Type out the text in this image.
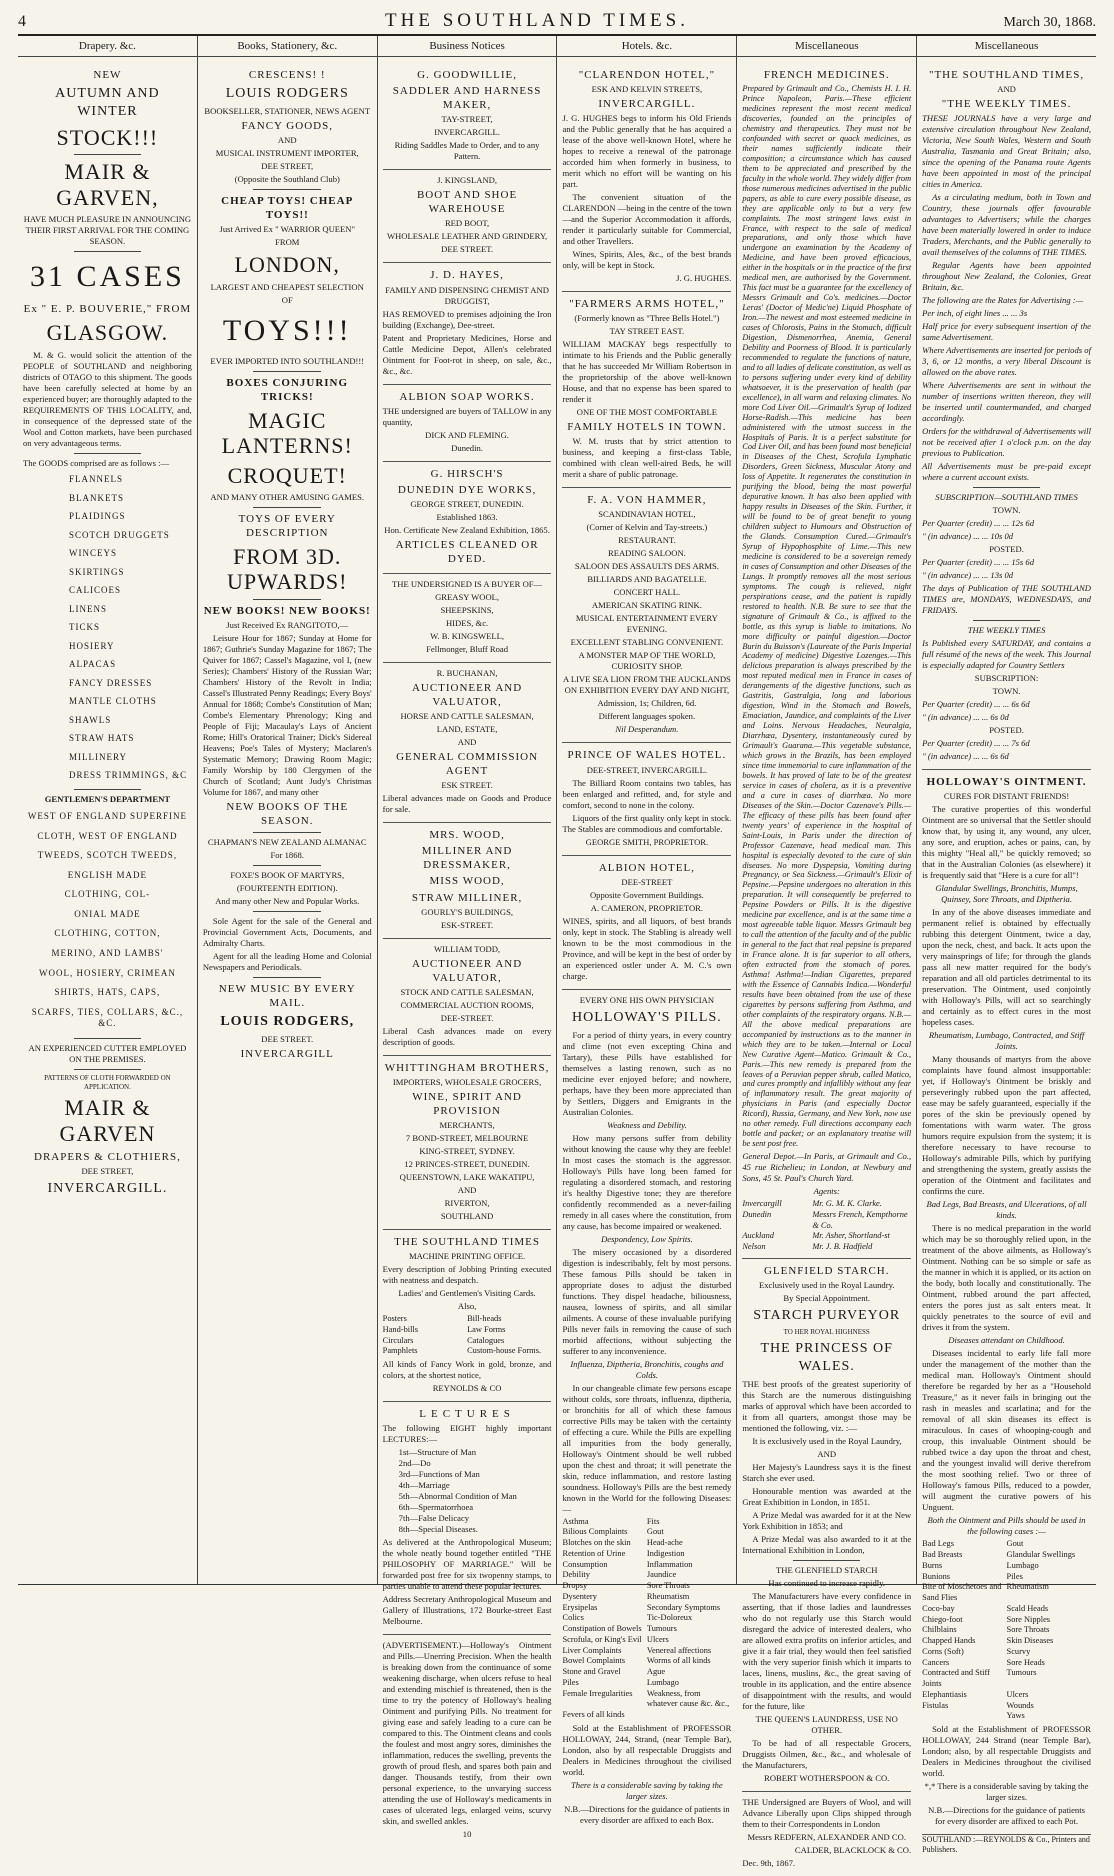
4	THE SOUTHLAND TIMES.	March 30, 1868.
Drapery. &c.
NEW
AUTUMN AND WINTER
STOCK!!!
MAIR & GARVEN,
HAVE MUCH PLEASURE IN ANNOUNCING THEIR FIRST ARRIVAL FOR THE COMING SEASON.
31 CASES
Ex " E. P. BOUVERIE," FROM
GLASGOW.

M. & G. would solicit the attention of the PEOPLE of SOUTHLAND and neighboring districts of OTAGO to this shipment. The goods have been carefully selected at home by an experienced buyer; are thoroughly adapted to the REQUIREMENTS OF THIS LOCALITY, and, in consequence of the depressed state of the Wool and Cotton markets, have been purchased on very advantageous terms.

The GOODS comprised are as follows :—
FLANNELS
BLANKETS
PLAIDINGS
SCOTCH DRUGGETS
WINCEYS
SKIRTINGS
CALICOES
LINENS
TICKS
HOSIERY
ALPACAS
FANCY DRESSES
MANTLE CLOTHS
SHAWLS
STRAW HATS
MILLINERY
DRESS TRIMMINGS, &C
GENTLEMEN'S DEPARTMENT
WEST OF ENGLAND SUPERFINE
CLOTH, WEST OF ENGLAND
TWEEDS, SCOTCH TWEEDS,
ENGLISH MADE
CLOTHING, COL-
ONIAL MADE
CLOTHING, COTTON,
MERINO, AND LAMBS'
WOOL, HOSIERY, CRIMEAN
SHIRTS, HATS, CAPS,
SCARFS, TIES, COLLARS, &C., &C.
AN EXPERIENCED CUTTER EMPLOYED ON THE PREMISES.
PATTERNS OF CLOTH FORWARDED ON APPLICATION.
MAIR & GARVEN
DRAPERS & CLOTHIERS,
DEE STREET,
INVERCARGILL.
Books, Stationery, &c.
CRESCENS! !
LOUIS RODGERS
BOOKSELLER, STATIONER, NEWS AGENT
FANCY GOODS,
AND
MUSICAL INSTRUMENT IMPORTER,
DEE STREET,
(Opposite the Southland Club)
CHEAP TOYS! CHEAP TOYS!!
Just Arrived Ex " WARRIOR QUEEN"
FROM
LONDON,
LARGEST AND CHEAPEST SELECTION
OF
TOYS!!!
EVER IMPORTED INTO SOUTHLAND!!!
BOXES CONJURING TRICKS!
MAGIC LANTERNS!
CROQUET!
AND MANY OTHER AMUSING GAMES.
TOYS OF EVERY DESCRIPTION
FROM 3D. UPWARDS!
NEW BOOKS! NEW BOOKS!
Just Received Ex RANGITOTO,—

Leisure Hour for 1867; Sunday at Home for 1867; Guthrie's Sunday Magazine for 1867; The Quiver for 1867; Cassel's Magazine, vol I, (new Series); Chambers' History of the Russian War; Chambers' History of the Revolt in India; Cassel's Illustrated Penny Readings; Every Boys' Annual for 1868; Combe's Constitution of Man; Combe's Elementary Phrenology; King and People of Fiji; Macaulay's Lays of Ancient Rome; Hill's Oratorical Trainer; Dick's Sidereal Heavens; Poe's Tales of Mystery; Maclaren's Systematic Memory; Drawing Room Magic; Family Worship by 180 Clergymen of the Church of Scotland; Aunt Judy's Christmas Volume for 1867, and many other

NEW BOOKS OF THE SEASON.
CHAPMAN'S NEW ZEALAND ALMANAC
For 1868.
FOXE'S BOOK OF MARTYRS,
(FOURTEENTH EDITION).
And many other New and Popular Works.

Sole Agent for the sale of the General and Provincial Government Acts, Documents, and Admiralty Charts.

Agent for all the leading Home and Colonial Newspapers and Periodicals.

NEW MUSIC BY EVERY MAIL.
LOUIS RODGERS,
DEE STREET.
INVERCARGILL
Business Notices
G. GOODWILLIE,
SADDLER AND HARNESS MAKER,
TAY-STREET,
INVERCARGILL.
Riding Saddles Made to Order, and to any Pattern.
J. KINGSLAND,
BOOT AND SHOE WAREHOUSE
RED BOOT,
WHOLESALE LEATHER AND GRINDERY,
DEE STREET.
J. D. HAYES,
FAMILY AND DISPENSING CHEMIST AND DRUGGIST,

HAS REMOVED to premises adjoining the Iron building (Exchange), Dee-street.

Patent and Proprietary Medicines, Horse and Cattle Medicine Depot, Allen's celebrated Ointment for Foot-rot in sheep, on sale, &c., &c., &c.

ALBION SOAP WORKS.

THE undersigned are buyers of TALLOW in any quantity,

DICK AND FLEMING.
Dunedin.
G. HIRSCH'S
DUNEDIN DYE WORKS,
GEORGE STREET, DUNEDIN.
Established 1863.
Hon. Certificate New Zealand Exhibition, 1865.
ARTICLES CLEANED OR DYED.
THE UNDERSIGNED IS A BUYER OF—
GREASY WOOL,
SHEEPSKINS,
HIDES, &c.
W. B. KINGSWELL,
Fellmonger, Bluff Road
R. BUCHANAN,
AUCTIONEER AND VALUATOR,
HORSE AND CATTLE SALESMAN,
LAND, ESTATE,
AND
GENERAL COMMISSION AGENT
ESK STREET.

Liberal advances made on Goods and Produce for sale.

MRS. WOOD,
MILLINER AND DRESSMAKER,
MISS WOOD,
STRAW MILLINER,
GOURLY'S BUILDINGS,
ESK-STREET.
WILLIAM TODD,
AUCTIONEER AND VALUATOR,
STOCK AND CATTLE SALESMAN,
COMMERCIAL AUCTION ROOMS,
DEE-STREET.

Liberal Cash advances made on every description of goods.

WHITTINGHAM BROTHERS,
IMPORTERS, WHOLESALE GROCERS,
WINE, SPIRIT AND PROVISION
MERCHANTS,
7 BOND-STREET, MELBOURNE
KING-STREET, SYDNEY.
12 PRINCES-STREET, DUNEDIN.
QUEENSTOWN, LAKE WAKATIPU,
AND
RIVERTON,
SOUTHLAND
THE SOUTHLAND TIMES
MACHINE PRINTING OFFICE.

Every description of Jobbing Printing executed with neatness and despatch.

Ladies' and Gentlemen's Visiting Cards.
Also,
Posters	Bill-heads
Hand-bills	Law Forms
Circulars	Catalogues
Pamphlets	Custom-house Forms.

All kinds of Fancy Work in gold, bronze, and colors, at the shortest notice,

REYNOLDS & CO
LECTURES

The following EIGHT highly important LECTURES:—

1st—Structure of Man
2nd—Do
3rd—Functions of Man
4th—Marriage
5th—Abnormal Condition of Man
6th—Spermatorrhoea
7th—False Delicacy
8th—Special Diseases.

As delivered at the Anthropological Museum; the whole neatly bound together entitled "THE PHILOSOPHY OF MARRIAGE." Will be forwarded post free for six twopenny stamps, to parties unable to attend these popular lectures.

Address Secretary Anthropological Museum and Gallery of Illustrations, 172 Bourke-street East Melbourne.

(ADVERTISEMENT.)—Holloway's Ointment and Pills.—Unerring Precision. When the health is breaking down from the continuance of some weakening discharge, when ulcers refuse to heal and extending mischief is threatened, then is the time to try the potency of Holloway's healing Ointment and purifying Pills. No treatment for giving ease and safely leading to a cure can be compared to this. The Ointment cleans and cools the foulest and most angry sores, diminishes the inflammation, reduces the swelling, prevents the growth of proud flesh, and spares both pain and danger. Thousands testify, from their own personal experience, to the unvarying success attending the use of Holloway's medicaments in cases of ulcerated legs, enlarged veins, scurvy skin, and swelled ankles.

10
Hotels. &c.
"CLARENDON HOTEL,"
ESK AND KELVIN STREETS,
INVERCARGILL.

J. G. HUGHES begs to inform his Old Friends and the Public generally that he has acquired a lease of the above well-known Hotel, where he hopes to receive a renewal of the patronage accorded him when formerly in business, to merit which no effort will be wanting on his part.

The convenient situation of the CLARENDON —being in the centre of the town—and the Superior Accommodation it affords, render it particularly suitable for Commercial, and other Travellers.

Wines, Spirits, Ales, &c., of the best brands only, will be kept in Stock.

J. G. HUGHES.
"FARMERS ARMS HOTEL,"
(Formerly known as "Three Bells Hotel.")
TAY STREET EAST.

WILLIAM MACKAY begs respectfully to intimate to his Friends and the Public generally that he has succeeded Mr William Robertson in the proprietorship of the above well-known House, and that no expense has been spared to render it

ONE OF THE MOST COMFORTABLE
FAMILY HOTELS IN TOWN.

W. M. trusts that by strict attention to business, and keeping a first-class Table, combined with clean well-aired Beds, he will merit a share of public patronage.

F. A. VON HAMMER,
SCANDINAVIAN HOTEL,
(Corner of Kelvin and Tay-streets.)
RESTAURANT.
READING SALOON.
SALOON DES ASSAULTS DES ARMS.
BILLIARDS AND BAGATELLE.
CONCERT HALL.
AMERICAN SKATING RINK.
MUSICAL ENTERTAINMENT EVERY EVENING.
EXCELLENT STABLING CONVENIENT.
A MONSTER MAP OF THE WORLD, CURIOSITY SHOP.
A LIVE SEA LION FROM THE AUCKLANDS ON EXHIBITION EVERY DAY AND NIGHT,
Admission, 1s; Children, 6d.
Different languages spoken.
Nil Desperandum.
PRINCE OF WALES HOTEL.
DEE-STREET, INVERCARGILL.

The Billiard Room contains two tables, has been enlarged and refitted, and, for style and comfort, second to none in the colony.

Liquors of the first quality only kept in stock. The Stables are commodious and comfortable.

GEORGE SMITH, PROPRIETOR.
ALBION HOTEL,
DEE-STREET
Opposite Government Buildings.
A. CAMERON, PROPRIETOR.

WINES, spirits, and all liquors, of best brands only, kept in stock. The Stabling is already well known to be the most commodious in the Province, and will be kept in the best of order by an experienced ostler under A. M. C.'s own charge.

EVERY ONE HIS OWN PHYSICIAN
HOLLOWAY'S PILLS.

For a period of thirty years, in every country and clime (not even excepting China and Tartary), these Pills have established for themselves a lasting renown, such as no medicine ever enjoyed before; and nowhere, perhaps, have they been more appreciated than by Settlers, Diggers and Emigrants in the Australian Colonies.

Weakness and Debility.

How many persons suffer from debility without knowing the cause why they are feeble! In most cases the stomach is the aggressor. Holloway's Pills have long been famed for regulating a disordered stomach, and restoring it's healthy Digestive tone; they are therefore confidently recommended as a never-failing remedy in all cases where the constitution, from any cause, has become impaired or weakened.

Despondency, Low Spirits.

The misery occasioned by a disordered digestion is indescribably, felt by most persons. These famous Pills should be taken in appropriate doses to adjust the disturbed functions. They dispel headache, biliousness, nausea, lowness of spirits, and all similar ailments. A course of these invaluable purifying Pills never fails in removing the cause of such morbid affections, without subjecting the sufferer to any inconvenience.

Influenza, Diptheria, Bronchitis, coughs and Colds.

In our changeable climate few persons escape without colds, sore throats, influenza, diptheria, or bronchitis for all of which these famous corrective Pills may be taken with the certainty of effecting a cure. While the Pills are expelling all impurities from the body generally, Holloway's Ointment should be well rubbed upon the chest and throat; it will penetrate the skin, reduce inflammation, and restore lasting soundness. Holloway's Pills are the best remedy known in the World for the following Diseases:—

Asthma	Fits
Bilious Complaints	Gout
Blotches on the skin	Head-ache
Retention of Urine	Indigestion
Consumption	Inflammation
Debility	Jaundice
Dropsy	Sore Throats
Dysentery	Rheumatism
Erysipelas	Secondary Symptoms
Colics	Tic-Doloreux
Constipation of Bowels Tumours
Scrofula, or King's Evil Ulcers
Liver Complaints	Venereal affections
Bowel Complaints	Worms of all kinds
Stone and Gravel	Ague
Piles	Lumbago
Female Irregularities	Weakness, from whatever cause &c. &c.,
Fevers of all kinds

Sold at the Establishment of PROFESSOR HOLLOWAY, 244, Strand, (near Temple Bar), London, also by all respectable Druggists and Dealers in Medicines throughout the civilised world.

There is a considerable saving by taking the larger sizes.
N.B.—Directions for the guidance of patients in every disorder are affixed to each Box.
Miscellaneous
FRENCH MEDICINES.

Prepared by Grimault and Co., Chemists H. I. H. Prince Napoleon, Paris.—These efficient medicines represent the most recent medical discoveries, founded on the principles of chemistry and therapeutics. They must not be confounded with secret or quack medicines, as their names sufficiently indicate their composition; a circumstance which has caused them to be appreciated and prescribed by the faculty in the whole world. They widely differ from those numerous medicines advertised in the public papers, as able to cure every possible disease, as they are applicable only to but a very few complaints. The most stringent laws exist in France, with respect to the sale of medical preparations, and only those which have undergone an examination by the Academy of Medicine, and have been proved efficacious, either in the hospitals or in the practice of the first medical men, are authorised by the Government. This fact must be a guarantee for the excellency of Messrs Grimault and Co's. medicines.—Doctor Leras' (Doctor of Medic'ne) Liquid Phosphate of Iron.—The newest and most esteemed medicine in cases of Chlorosis, Pains in the Stomach, difficult Digestion, Dismenorrhea, Anemia, General Debility and Poorness of Blood. It is particularly recommended to regulate the functions of nature, and to all ladies of delicate constitution, as well as to persons suffering under every kind of debility whatsoever, it is the preservation of health (par excellence), in all warm and relaxing climates. No more Cod Liver Oil.—Grimault's Syrup of Iodized Horse-Radish.—This medicine has been administered with the utmost success in the Hospitals of Paris. It is a perfect substitute for Cod Liver Oil, and has been found most beneficial in Diseases of the Chest, Scrofula Lymphatic Disorders, Green Sickness, Muscular Atony and loss of Appetite. It regenerates the constitution in purifying the blood, being the most powerful depurative known. It has also been applied with happy results in Diseases of the Skin. Further, it will be found to be of great benefit to young children subject to Humours and Obstruction of the Glands. Consumption Cured.—Grimault's Syrup of Hypophosphite of Lime.—This new medicine is considered to be a sovereign remedy in cases of Consumption and other Diseases of the Lungs. It promptly removes all the most serious symptoms. The cough is relieved, night perspirations cease, and the patient is rapidly restored to health. N.B. Be sure to see that the signature of Grimault & Co., is affixed to the bottle, as this syrup is liable to imitations. No more difficulty or painful digestion.—Doctor Burin du Buisson's (Laureate of the Paris Imperial Academy of medicine) Digestive Lozenges.—This delicious preparation is always prescribed by the most reputed medical men in France in cases of derangements of the digestive functions, such as Gastritis, Gastralgia, long and laborious digestion, Wind in the Stomach and Bowels, Emaciation, Jaundice, and complaints of the Liver and Loins. Nervous Headaches, Neuralgia, Diarrhæa, Dysentery, instantaneously cured by Grimault's Guarana.—This vegetable substance, which grows in the Brazils, has been employed since time immemorial to cure inflammation of the bowels. It has proved of late to be of the greatest service in cases of cholera, as it is a preventive and a cure in cases of diarrhæa. No more Diseases of the Skin.—Doctor Cazenave's Pills.—The efficacy of these pills has been found after twenty years' of experience in the hospital of Saint-Louis, in Paris under the direction of Professor Cazenave, head medical man. This hospital is especially devoted to the cure of skin diseases. No more Dyspepsia, Vomiting during Pregnancy, or Sea Sickness.—Grimault's Elixir of Pepsine.—Pepsine undergoes no alteration in this preparation. It will consequently be preferred to Pepsine Powders or Pills. It is the digestive medicine par excellence, and is at the same time a most agreeable table liquor. Messrs Grimault beg to call the attention of the faculty and of the public in general to the fact that real pepsine is prepared in France alone. It is far superior to all others, often extracted from the stomach of pores. Asthma! Asthma!—Indian Cigarettes, prepared with the Essence of Cannabis Indica.—Wonderful results have been obtained from the use of these cigarettes by persons suffering from Asthma, and other complaints of the respiratory organs. N.B.—All the above medical preparations are accompanied by instructions as to the manner in which they are to be taken.—Internal or Local New Curative Agent—Matico. Grimault & Co., Paris.—This new remedy is prepared from the leaves of a Peruvian pepper shrub, called Matico, and cures promptly and infallibly without any fear of inflammatory result. The great majority of physicians in Paris (and especially Doctor Ricord), Russia, Germany, and New York, now use no other remedy. Full directions accompany each bottle and packet; or an explanatory treatise will be sent post free.

General Depot.—In Paris, at Grimault and Co., 45 rue Richelieu; in London, at Newbury and Sons, 45 St. Paul's Church Yard.

Agents:
Invercargill	Mr. G. M. K. Clarke.
Dunedin	Messrs French, Kempthorne & Co.
Auckland	Mr. Asher, Shortland-st
Nelson	Mr. J. B. Hadfield
GLENFIELD STARCH.
Exclusively used in the Royal Laundry.
By Special Appointment.
STARCH PURVEYOR
TO HER ROYAL HIGHNESS
THE PRINCESS OF WALES.

THE best proofs of the greatest superiority of this Starch are the numerous distinguishing marks of approval which have been accorded to it from all quarters, amongst those may be mentioned the following, viz. :—

It is exclusively used in the Royal Laundry,

AND

Her Majesty's Laundress says it is the finest Starch she ever used.

Honourable mention was awarded at the Great Exhibition in London, in 1851.

A Prize Medal was awarded for it at the New York Exhibition in 1853; and

A Prize Medal was also awarded to it at the International Exhibition in London,

THE GLENFIELD STARCH
Has continued to increase rapidly.

The Manufacturers have every confidence in asserting, that if those ladies and laundresses who do not regularly use this Starch would disregard the advice of interested dealers, who are allowed extra profits on inferior articles, and give it a fair trial, they would then feel satisfied with the very superior finish which it imparts to laces, linens, muslins, &c., the great saving of trouble in its application, and the entire absence of disappointment with the results, and would for the future, like

THE QUEEN'S LAUNDRESS, USE NO OTHER.

To be had of all respectable Grocers, Druggists Oilmen, &c., &c., and wholesale of the Manufacturers,

ROBERT WOTHERSPOON & CO.

THE Undersigned are Buyers of Wool, and will Advance Liberally upon Clips shipped through them to their Correspondents in London

Messrs REDFERN, ALEXANDER AND CO.
CALDER, BLACKLOCK & CO.
Dec. 9th, 1867.
Miscellaneous
"THE SOUTHLAND TIMES,
AND
"THE WEEKLY TIMES.

THESE JOURNALS have a very large and extensive circulation throughout New Zealand, Victoria, New South Wales, Western and South Australia, Tasmania and Great Britain; also, since the opening of the Panama route Agents have been appointed in most of the principal cities in America.

As a circulating medium, both in Town and Country, these journals offer favourable advantages to Advertisers; while the charges have been materially lowered in order to induce Traders, Merchants, and the Public generally to avail themselves of the columns of THE TIMES.

Regular Agents have been appointed throughout New Zealand, the Colonies, Great Britain, &c.

The following are the Rates for Advertising :—

Per inch, of eight lines ... ... 3s

Half price for every subsequent insertion of the same Advertisement.

Where Advertisements are inserted for periods of 3, 6, or 12 months, a very liberal Discount is allowed on the above rates.

Where Advertisements are sent in without the number of insertions written thereon, they will be inserted until countermanded, and charged accordingly.

Orders for the withdrawal of Advertisements will not be received after 1 o'clock p.m. on the day previous to Publication.

All Advertisements must be pre-paid except where a current account exists.

SUBSCRIPTION—SOUTHLAND TIMES
TOWN.
Per Quarter (credit) ... ... 12s 6d
" (in advance) ... ... 10s 0d
POSTED.
Per Quarter (credit) ... ... 15s 6d
" (in advance) ... ... 13s 0d

The days of Publication of THE SOUTHLAND TIMES are, MONDAYS, WEDNESDAYS, and FRIDAYS.

THE WEEKLY TIMES

Is Published every SATURDAY, and contains a full résumé of the news of the week. This Journal is especially adapted for Country Settlers

SUBSCRIPTION:
TOWN.
Per Quarter (credit) ... ... 6s 6d
" (in advance) ... ... 6s 0d
POSTED.
Per Quarter (credit) ... ... 7s 6d
" (in advance) ... ... 6s 6d
HOLLOWAY'S OINTMENT.
CURES FOR DISTANT FRIENDS!

The curative properties of this wonderful Ointment are so universal that the Settler should know that, by using it, any wound, any ulcer, any sore, and eruption, aches or pains, can, by this mighty "Heal all," be quickly removed; so that in the Australian Colonies (as elsewhere) it is frequently said that "Here is a cure for all"!

Glandular Swellings, Bronchitis, Mumps, Quinsey, Sore Throats, and Diptheria.

In any of the above diseases immediate and permanent relief is obtained by effectually rubbing this detergent Ointment, twice a day, upon the neck, chest, and back. It acts upon the very mainsprings of life; for through the glands pass all new matter required for the body's reparation and all old particles detrimental to its preservation. The Ointment, used conjointly with Holloway's Pills, will act so searchingly and certainly as to effect cures in the most hopeless cases.

Rheumatism, Lumbago, Contracted, and Stiff Joints.

Many thousands of martyrs from the above complaints have found almost insupportable: yet, if Holloway's Ointment be briskly and perseveringly rubbed upon the part affected, ease may be safely guaranteed, especially if the pores of the skin be previously opened by fomentations with warm water. The gross humors require expulsion from the system; it is therefore necessary to have recourse to Holloway's admirable Pills, which by purifying and strengthening the system, greatly assists the operation of the Ointment and facilitates and confirms the cure.

Bad Legs, Bad Breasts, and Ulcerations, of all kinds.

There is no medical preparation in the world which may be so thoroughly relied upon, in the treatment of the above ailments, as Holloway's Ointment. Nothing can be so simple or safe as the manner in which it is applied, or its action on the body, both locally and constitutionally. The Ointment, rubbed around the part affected, enters the pores just as salt enters meat. It quickly penetrates to the source of evil and drives it from the system.

Diseases attendant on Childhood.

Diseases incidental to early life fall more under the management of the mother than the medical man. Holloway's Ointment should therefore be regarded by her as a "Household Treasure," as it never fails in bringing out the rash in measles and scarlatina; and for the removal of all skin diseases its effect is miraculous. In cases of whooping-cough and croup, this invaluable Ointment should be rubbed twice a day upon the throat and chest, and the youngest invalid will derive therefrom the most soothing relief. Two or three of Holloway's famous Pills, reduced to a powder, will augment the curative powers of his Unguent.

Both the Ointment and Pills should be used in the following cases :—
Bad Legs	Gout
Bad Breasts	Glandular Swellings
Burns	Lumbago
Bunions	Piles
Bite of Moschetoes and Sand Flies
Rheumatism
Coco-bay	Scald Heads
Chiego-foot	Sore Nipples
Chilblains	Sore Throats
Chapped Hands	Skin Diseases
Corns (Soft)	Scurvy
Cancers	Sore Heads
Contracted and Stiff Joints
Tumours
Elephantiasis	Ulcers
Fistulas	Wounds
Yaws

Sold at the Establishment of PROFESSOR HOLLOWAY, 244 Strand (near Temple Bar), London; also, by all respectable Druggists and Dealers in Medicines throughout the civilised world.

*,* There is a considerable saving by taking the larger sizes.
N.B.—Directions for the guidance of patients for every disorder are affixed to each Pot.
SOUTHLAND :—REYNOLDS & Co., Printers and Publishers.
